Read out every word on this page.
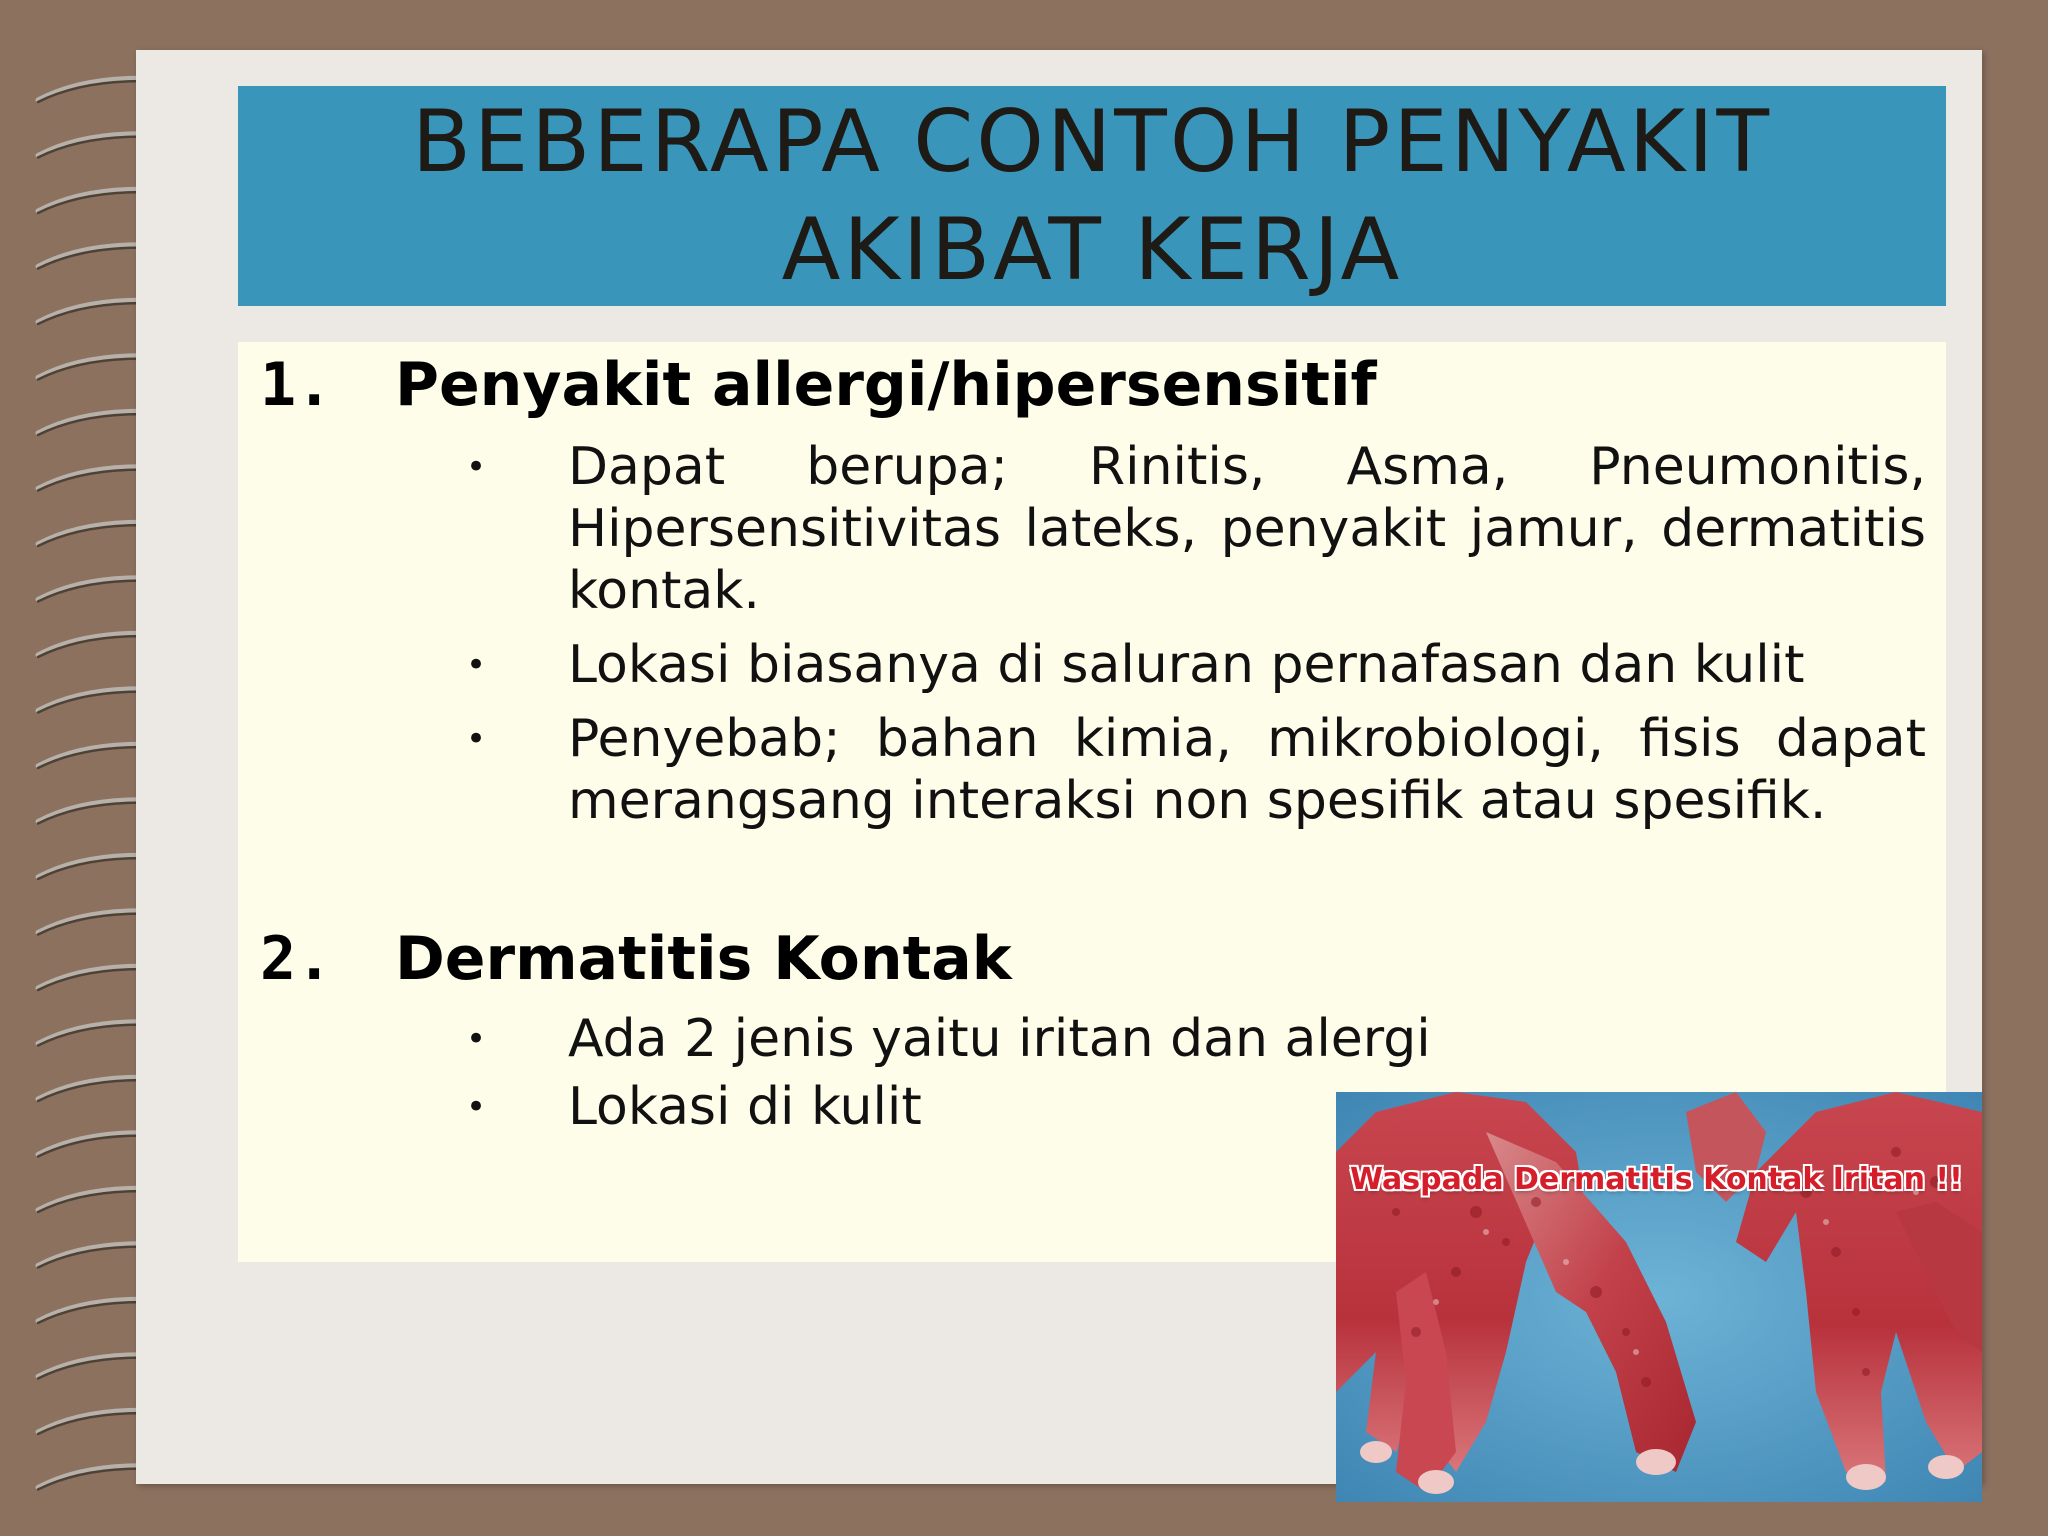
BEBERAPA CONTOH PENYAKIT
AKIBAT KERJA
1. Penyakit allergi/hipersensitif
• Dapat berupa; Rinitis, Asma, Pneumonitis, Hipersensitivitas lateks, penyakit jamur, dermatitis kontak.
• Lokasi biasanya di saluran pernafasan dan kulit
• Penyebab; bahan kimia, mikrobiologi, fisis dapat merangsang interaksi non spesifik atau spesifik.
2. Dermatitis Kontak
• Ada 2 jenis yaitu iritan dan alergi
• Lokasi di kulit
Waspada Dermatitis Kontak Iritan !!
